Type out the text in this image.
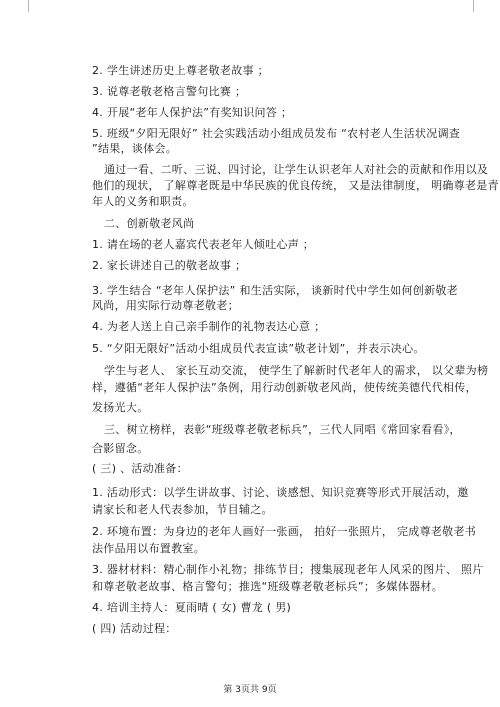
2. 学生讲述历史上尊老敬老故事 ；
3. 说尊老敬老格言警句比赛 ；
4. 开展“老年人保护法”有奖知识问答 ；
5. 班级“夕阳无限好” 社会实践活动小组成员发布 “农村老人生活状况调查
”结果，谈体会。
通过一看、二听、三说、四讨论，让学生认识老年人对社会的贡献和作用以及
他们的现状， 了解尊老既是中华民族的优良传统， 又是法律制度， 明确尊老是青
年人的义务和职责。
二、创新敬老风尚
1. 请在场的老人嘉宾代表老年人倾吐心声 ；
2. 家长讲述自己的敬老故事 ；
3. 学生结合 “老年人保护法” 和生活实际， 谈新时代中学生如何创新敬老
风尚，用实际行动尊老敬老；
4. 为老人送上自己亲手制作的礼物表达心意 ；
5. “夕阳无限好”活动小组成员代表宣读”敬老计划”，并表示决心。
学生与老人、 家长互动交流， 使学生了解新时代老年人的需求， 以父辈为榜
样，遵循“老年人保护法”条例，用行动创新敬老风尚，使传统美德代代相传，
发扬光大。
三、树立榜样，表彰“班级尊老敬老标兵”，三代人同唱《常回家看看》，
合影留念。
( 三) 、活动准备：
1. 活动形式：以学生讲故事、讨论、谈感想、知识竞赛等形式开展活动，邀
请家长和老人代表参加，节目辅之。
2. 环境布置：为身边的老年人画好一张画， 拍好一张照片， 完成尊老敬老书
法作品用以布置教室。
3. 器材材料：精心制作小礼物；排练节目；搜集展现老年人风采的图片、 照片
和尊老敬老故事、格言警句；推选“班级尊老敬老标兵”；多媒体器材。
4. 培训主持人：夏雨晴 ( 女) 曹龙 ( 男)
( 四) 活动过程：
第 3页共 9页
